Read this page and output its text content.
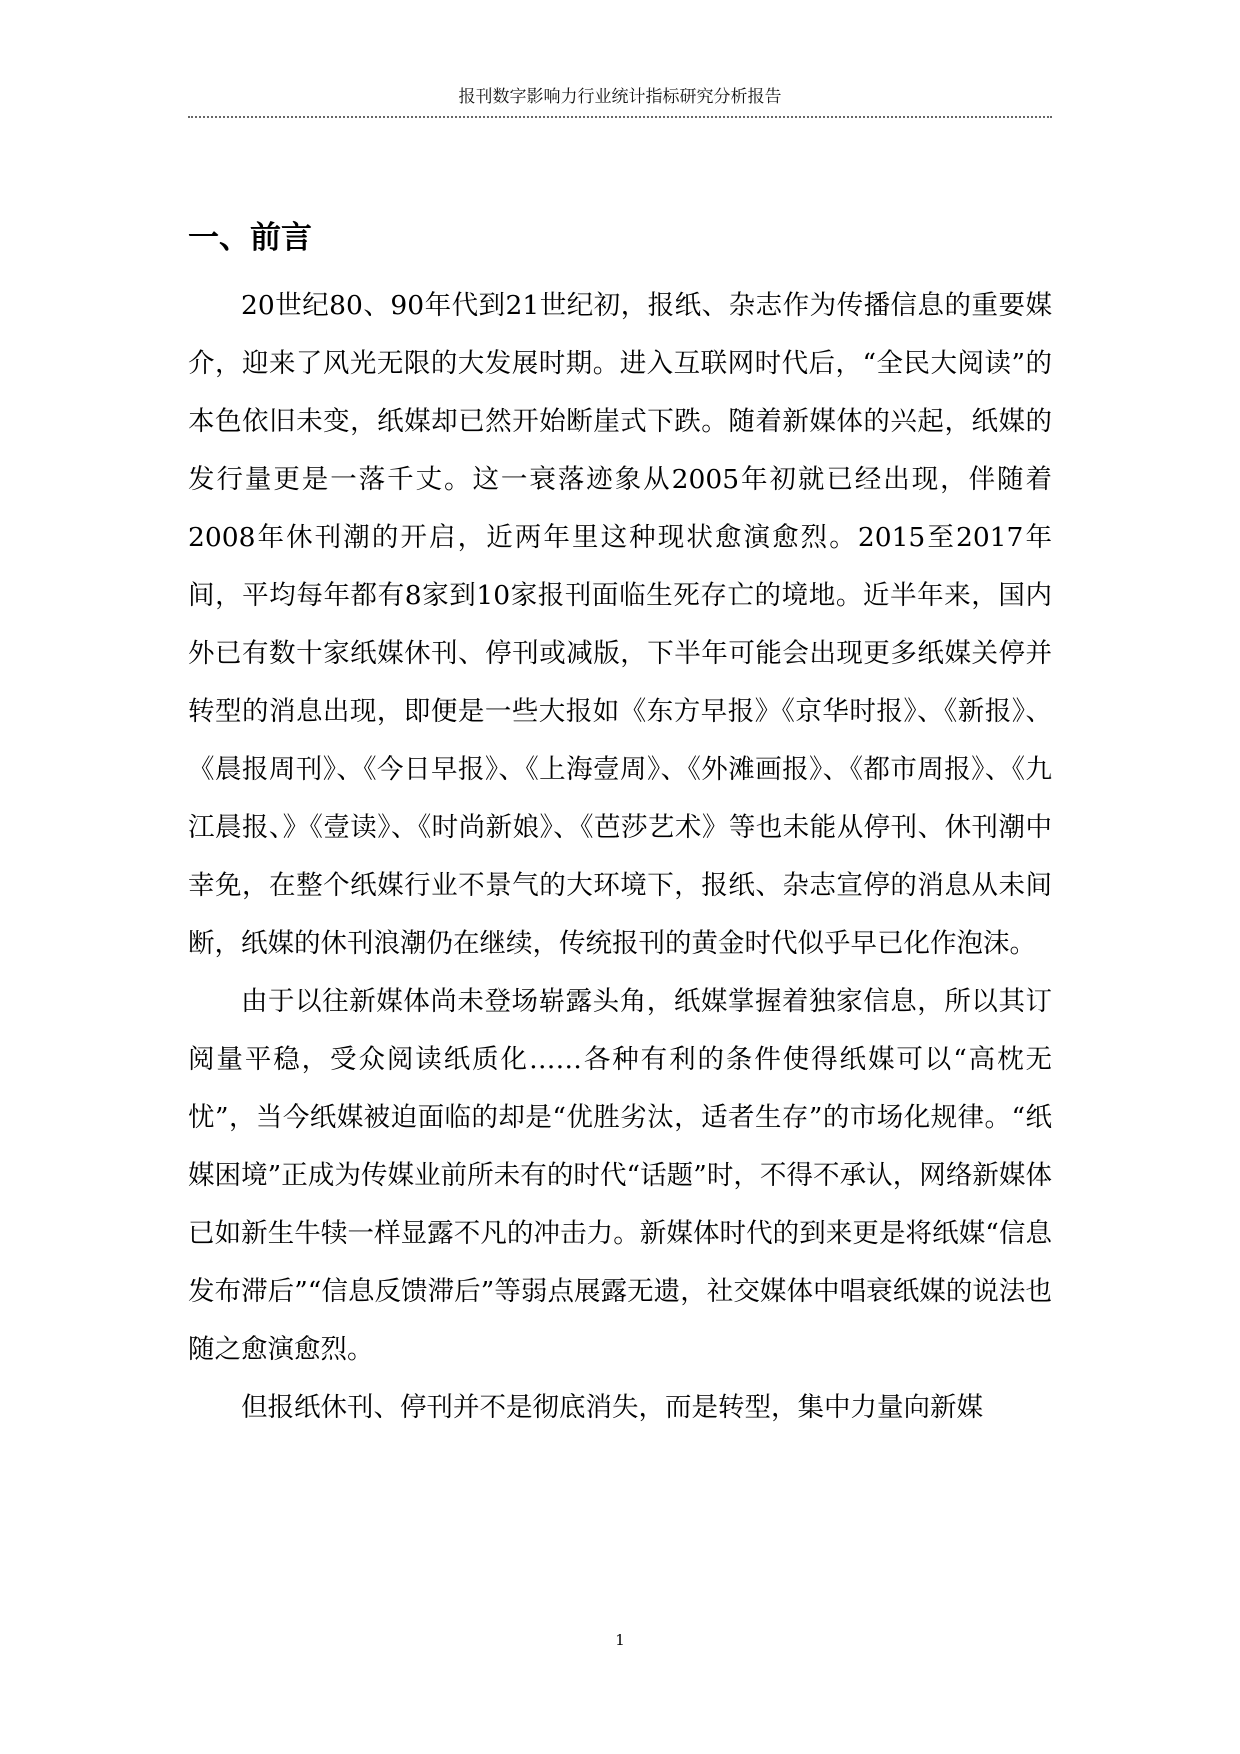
报刊数字影响力行业统计指标研究分析报告
一、前言

20世纪80、90年代到21世纪初，报纸、杂志作为传播信息的重要媒介，迎来了风光无限的大发展时期。进入互联网时代后，“全民大阅读”的本色依旧未变，纸媒却已然开始断崖式下跌。随着新媒体的兴起，纸媒的发行量更是一落千丈。这一衰落迹象从2005年初就已经出现，伴随着2008年休刊潮的开启，近两年里这种现状愈演愈烈。2015至2017年间，平均每年都有8家到10家报刊面临生死存亡的境地。近半年来，国内外已有数十家纸媒休刊、停刊或减版，下半年可能会出现更多纸媒关停并转型的消息出现，即便是一些大报如《东方早报》《京华时报》、《新报》、《晨报周刊》、《今日早报》、《上海壹周》、《外滩画报》、《都市周报》、《九江晨报、》《壹读》、《时尚新娘》、《芭莎艺术》等也未能从停刊、休刊潮中幸免，在整个纸媒行业不景气的大环境下，报纸、杂志宣停的消息从未间断，纸媒的休刊浪潮仍在继续，传统报刊的黄金时代似乎早已化作泡沫。

由于以往新媒体尚未登场崭露头角，纸媒掌握着独家信息，所以其订阅量平稳，受众阅读纸质化……各种有利的条件使得纸媒可以“高枕无忧”，当今纸媒被迫面临的却是“优胜劣汰，适者生存”的市场化规律。“纸媒困境”正成为传媒业前所未有的时代“话题”时，不得不承认，网络新媒体已如新生牛犊一样显露不凡的冲击力。新媒体时代的到来更是将纸媒“信息发布滞后”“信息反馈滞后”等弱点展露无遗，社交媒体中唱衰纸媒的说法也随之愈演愈烈。

但报纸休刊、停刊并不是彻底消失，而是转型，集中力量向新媒

1
